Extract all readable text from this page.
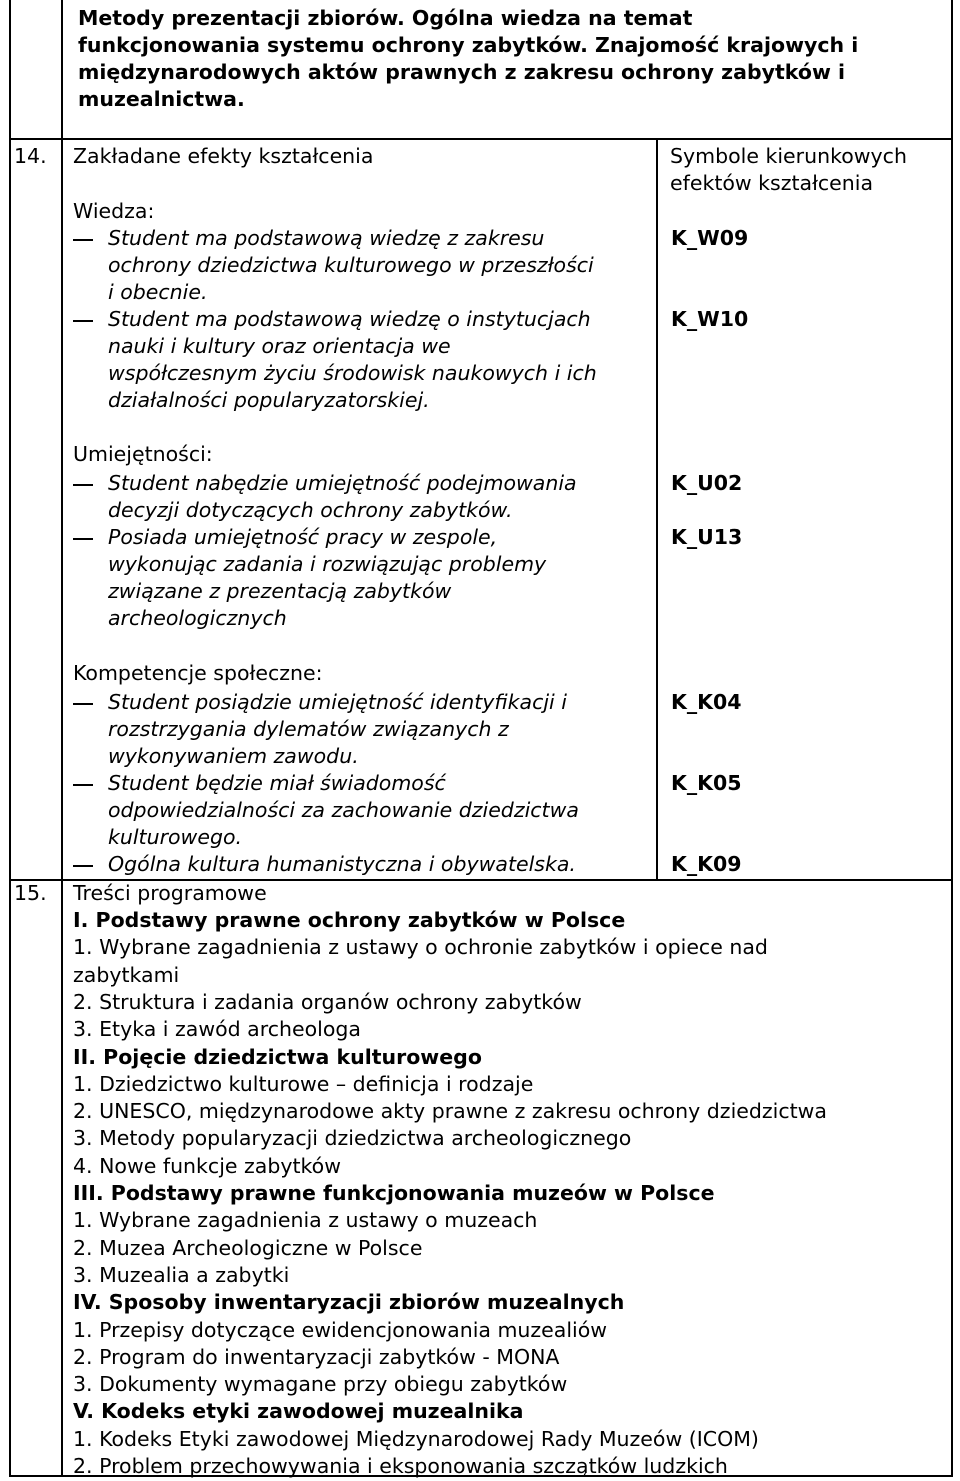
Metody prezentacji zbiorów. Ogólna wiedza na temat
funkcjonowania systemu ochrony zabytków. Znajomość krajowych i
międzynarodowych aktów prawnych z zakresu ochrony zabytków i
muzealnictwa.
14. Zakładane efekty kształcenia	Symbole kierunkowych
efektów kształcenia
Wiedza:
Student ma podstawową wiedzę z zakresu
ochrony dziedzictwa kulturowego w przeszłości
i obecnie.
K_W09
Student ma podstawową wiedzę o instytucjach
nauki i kultury oraz orientacja we
współczesnym życiu środowisk naukowych i ich
działalności popularyzatorskiej.
K_W10
Umiejętności:
Student nabędzie umiejętność podejmowania
decyzji dotyczących ochrony zabytków.
K_U02
Posiada umiejętność pracy w zespole,
wykonując zadania i rozwiązując problemy
związane z prezentacją zabytków
archeologicznych
K_U13
Kompetencje społeczne:
Student posiądzie umiejętność identyfikacji i
rozstrzygania dylematów związanych z
wykonywaniem zawodu.
K_K04
Student będzie miał świadomość
odpowiedzialności za zachowanie dziedzictwa
kulturowego.
K_K05
Ogólna kultura humanistyczna i obywatelska.	K_K09
15. Treści programowe
I. Podstawy prawne ochrony zabytków w Polsce
1. Wybrane zagadnienia z ustawy o ochronie zabytków i opiece nad
zabytkami
2. Struktura i zadania organów ochrony zabytków
3. Etyka i zawód archeologa
II. Pojęcie dziedzictwa kulturowego
1. Dziedzictwo kulturowe – definicja i rodzaje
2. UNESCO, międzynarodowe akty prawne z zakresu ochrony dziedzictwa
3. Metody popularyzacji dziedzictwa archeologicznego
4. Nowe funkcje zabytków
III. Podstawy prawne funkcjonowania muzeów w Polsce
1. Wybrane zagadnienia z ustawy o muzeach
2. Muzea Archeologiczne w Polsce
3. Muzealia a zabytki
IV. Sposoby inwentaryzacji zbiorów muzealnych
1. Przepisy dotyczące ewidencjonowania muzealiów
2. Program do inwentaryzacji zabytków - MONA
3. Dokumenty wymagane przy obiegu zabytków
V. Kodeks etyki zawodowej muzealnika
1. Kodeks Etyki zawodowej Międzynarodowej Rady Muzeów (ICOM)
2. Problem przechowywania i eksponowania szczątków ludzkich
